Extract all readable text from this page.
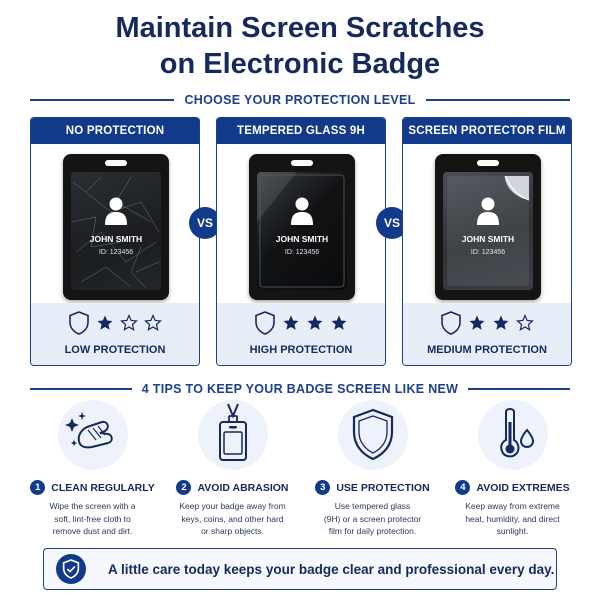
Maintain Screen Scratches
on Electronic Badge
CHOOSE YOUR PROTECTION LEVEL
NO PROTECTION
JOHN SMITH
ID: 123456
LOW PROTECTION
VS
TEMPERED GLASS 9H
JOHN SMITH
ID: 123456
HIGH PROTECTION
VS
SCREEN PROTECTOR FILM
JOHN SMITH
ID: 123456
MEDIUM PROTECTION
4 TIPS TO KEEP YOUR BADGE SCREEN LIKE NEW
1	CLEAN REGULARLY
Wipe the screen with a
soft, lint-free cloth to
remove dust and dirt.
2	AVOID ABRASION
Keep your badge away from
keys, coins, and other hard
or sharp objects.
3	USE PROTECTION
Use tempered glass
(9H) or a screen protector
film for daily protection.
4	AVOID EXTREMES
Keep away from extreme
heat, humidity, and direct
sunlight.
A little care today keeps your badge clear and professional every day.
